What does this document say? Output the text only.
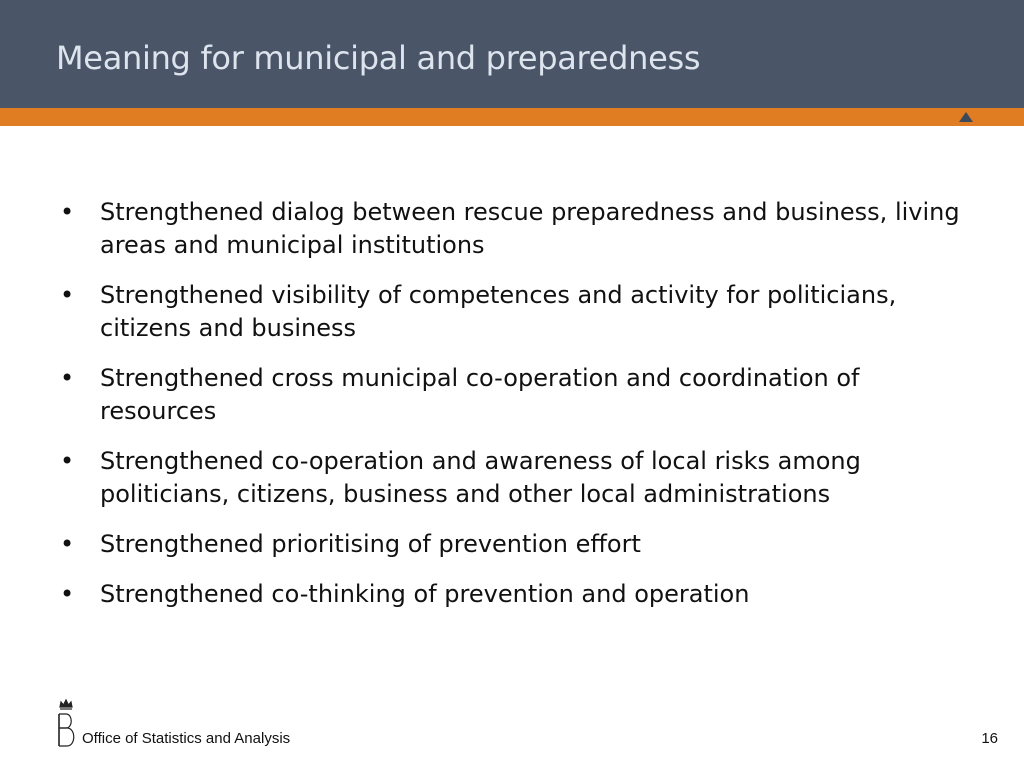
Meaning for municipal and preparedness
• Strengthened dialog between rescue preparedness and business, living areas and municipal institutions
• Strengthened visibility of competences and activity for politicians, citizens and business
• Strengthened cross municipal co-operation and coordination of resources
• Strengthened co-operation and awareness of local risks among politicians, citizens, business and other local administrations
• Strengthened prioritising of prevention effort
• Strengthened co-thinking of prevention and operation
Office of Statistics and Analysis	16
